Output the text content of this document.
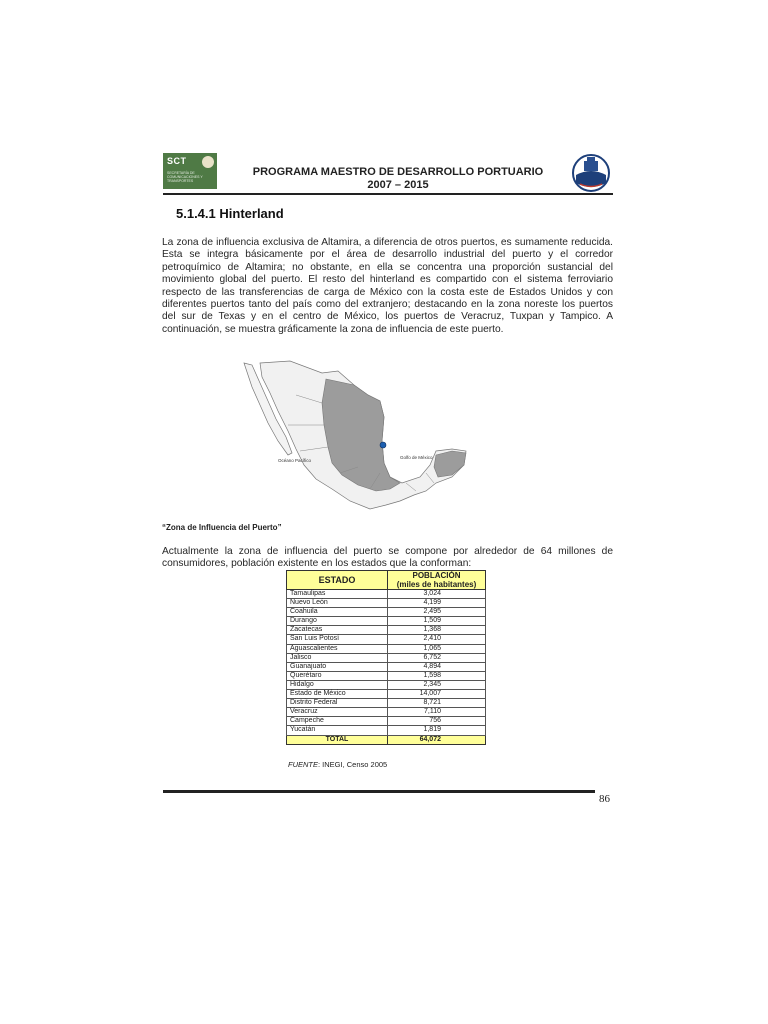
SCT
SECRETARÍA DE COMUNICACIONES Y TRANSPORTES
PROGRAMA MAESTRO DE DESARROLLO PORTUARIO
2007 – 2015
5.1.4.1 Hinterland

La zona de influencia exclusiva de Altamira, a diferencia de otros puertos, es sumamente reducida. Esta se integra básicamente por el área de desarrollo industrial del puerto y el corredor petroquímico de Altamira; no obstante, en ella se concentra una proporción sustancial del movimiento global del puerto. El resto del hinterland es compartido con el sistema ferroviario respecto de las transferencias de carga de México con la costa este de Estados Unidos y con diferentes puertos tanto del país como del extranjero; destacando en la zona noreste los puertos del sur de Texas y en el centro de México, los puertos de Veracruz, Tuxpan y Tampico. A continuación, se muestra gráficamente la zona de influencia de este puerto.

Océano Pacífico
Golfo de México
“Zona de Influencia del Puerto”

Actualmente la zona de influencia del puerto se compone por alrededor de 64 millones de consumidores, población existente en los estados que la conforman:

ESTADO	POBLACIÓN
(miles de habitantes)

Tamaulipas	3,024
Nuevo León	4,199
Coahuila	2,495
Durango	1,509
Zacatecas	1,368
San Luis Potosí	2,410
Aguascalientes	1,065
Jalisco	6,752
Guanajuato	4,894
Querétaro	1,598
Hidalgo	2,345
Estado de México	14,007
Distrito Federal	8,721
Veracruz	7,110
Campeche	756
Yucatán	1,819
TOTAL	64,072
FUENTE: INEGI, Censo 2005
86
